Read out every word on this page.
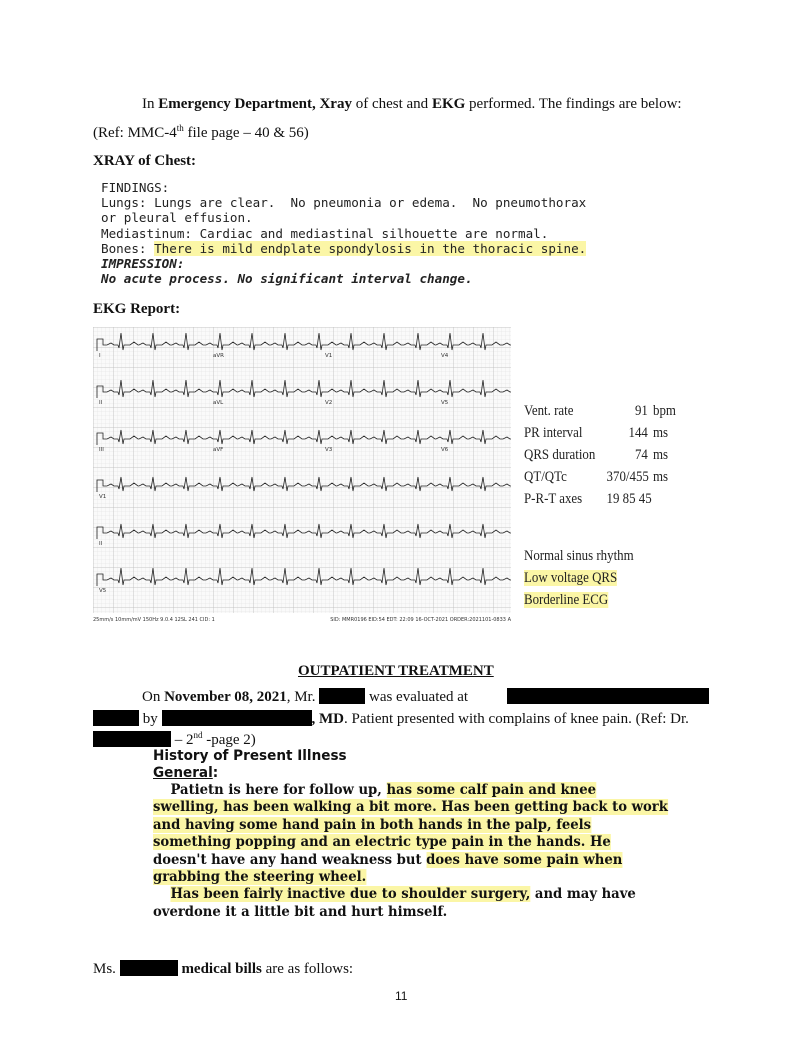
In Emergency Department, Xray of chest and EKG performed. The findings are below:
(Ref: MMC-4th file page – 40 & 56)
XRAY of Chest:
FINDINGS:
Lungs: Lungs are clear.  No pneumonia or edema.  No pneumothorax
or pleural effusion.
Mediastinum: Cardiac and mediastinal silhouette are normal.
Bones: There is mild endplate spondylosis in the thoracic spine.
IMPRESSION:
No acute process. No significant interval change.
EKG Report:
I	aVR	V1	V4
II	aVL	V2	V5
III	aVF	V3	V6
V1
II
V5
25mm/s 10mm/mV 150Hz 9.0.4 12SL 241 CID: 1	SID: MMR0196 EID:54 EDT: 22:09 16-OCT-2021 ORDER:2021101-0833 A
Vent. rate	91 bpm
PR interval	144 ms
QRS duration	74 ms
QT/QTc	370/455 ms
P-R-T axes	19 85 45
Normal sinus rhythm
Low voltage QRS
Borderline ECG
OUTPATIENT TREATMENT
On November 08, 2021, Mr.	was evaluated at
by	, MD. Patient presented with complains of knee pain. (Ref: Dr.
– 2nd -page 2)
History of Present Illness
General:
Patietn is here for follow up, has some calf pain and knee
swelling, has been walking a bit more. Has been getting back to work
and having some hand pain in both hands in the palp, feels
something popping and an electric type pain in the hands. He
doesn't have any hand weakness but does have some pain when
grabbing the steering wheel.
Has been fairly inactive due to shoulder surgery, and may have
overdone it a little bit and hurt himself.
Ms.	medical bills are as follows:
11
